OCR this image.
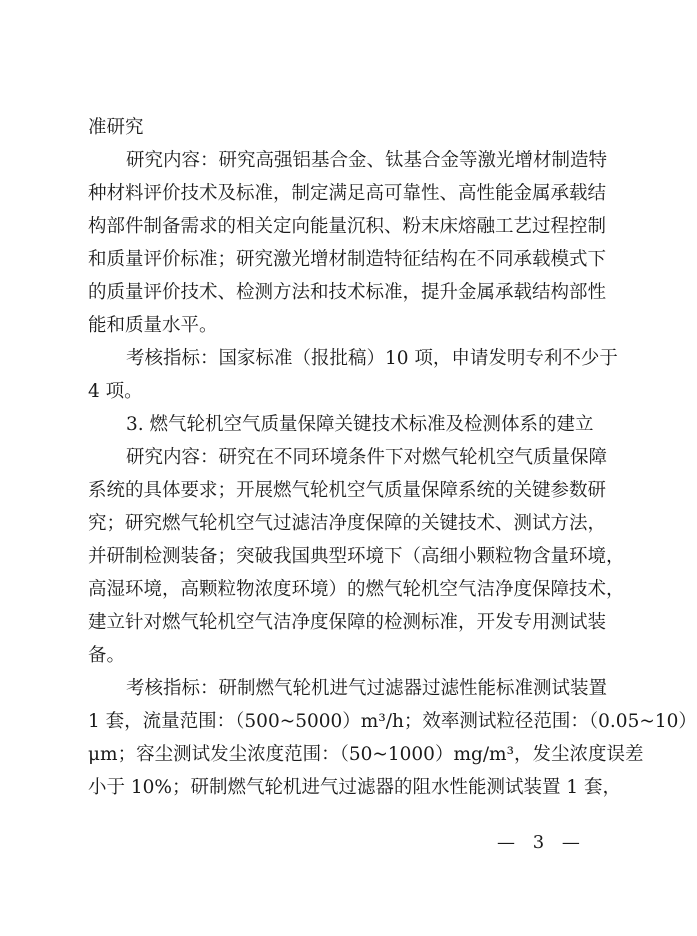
准研究
研究内容：研究高强铝基合金、钛基合金等激光增材制造特
种材料评价技术及标准，制定满足高可靠性、高性能金属承载结
构部件制备需求的相关定向能量沉积、粉末床熔融工艺过程控制
和质量评价标准；研究激光增材制造特征结构在不同承载模式下
的质量评价技术、检测方法和技术标准，提升金属承载结构部性
能和质量水平。
考核指标：国家标准（报批稿）10 项，申请发明专利不少于
4 项。
3. 燃气轮机空气质量保障关键技术标准及检测体系的建立
研究内容：研究在不同环境条件下对燃气轮机空气质量保障
系统的具体要求；开展燃气轮机空气质量保障系统的关键参数研
究；研究燃气轮机空气过滤洁净度保障的关键技术、测试方法，
并研制检测装备；突破我国典型环境下（高细小颗粒物含量环境，
高湿环境，高颗粒物浓度环境）的燃气轮机空气洁净度保障技术，
建立针对燃气轮机空气洁净度保障的检测标准，开发专用测试装
备。
考核指标：研制燃气轮机进气过滤器过滤性能标准测试装置
1 套，流量范围：（500~5000）m³/h；效率测试粒径范围：（0.05~10）
μm；容尘测试发尘浓度范围：（50~1000）mg/m³，发尘浓度误差
小于 10%；研制燃气轮机进气过滤器的阻水性能测试装置 1 套，
— 3 —
